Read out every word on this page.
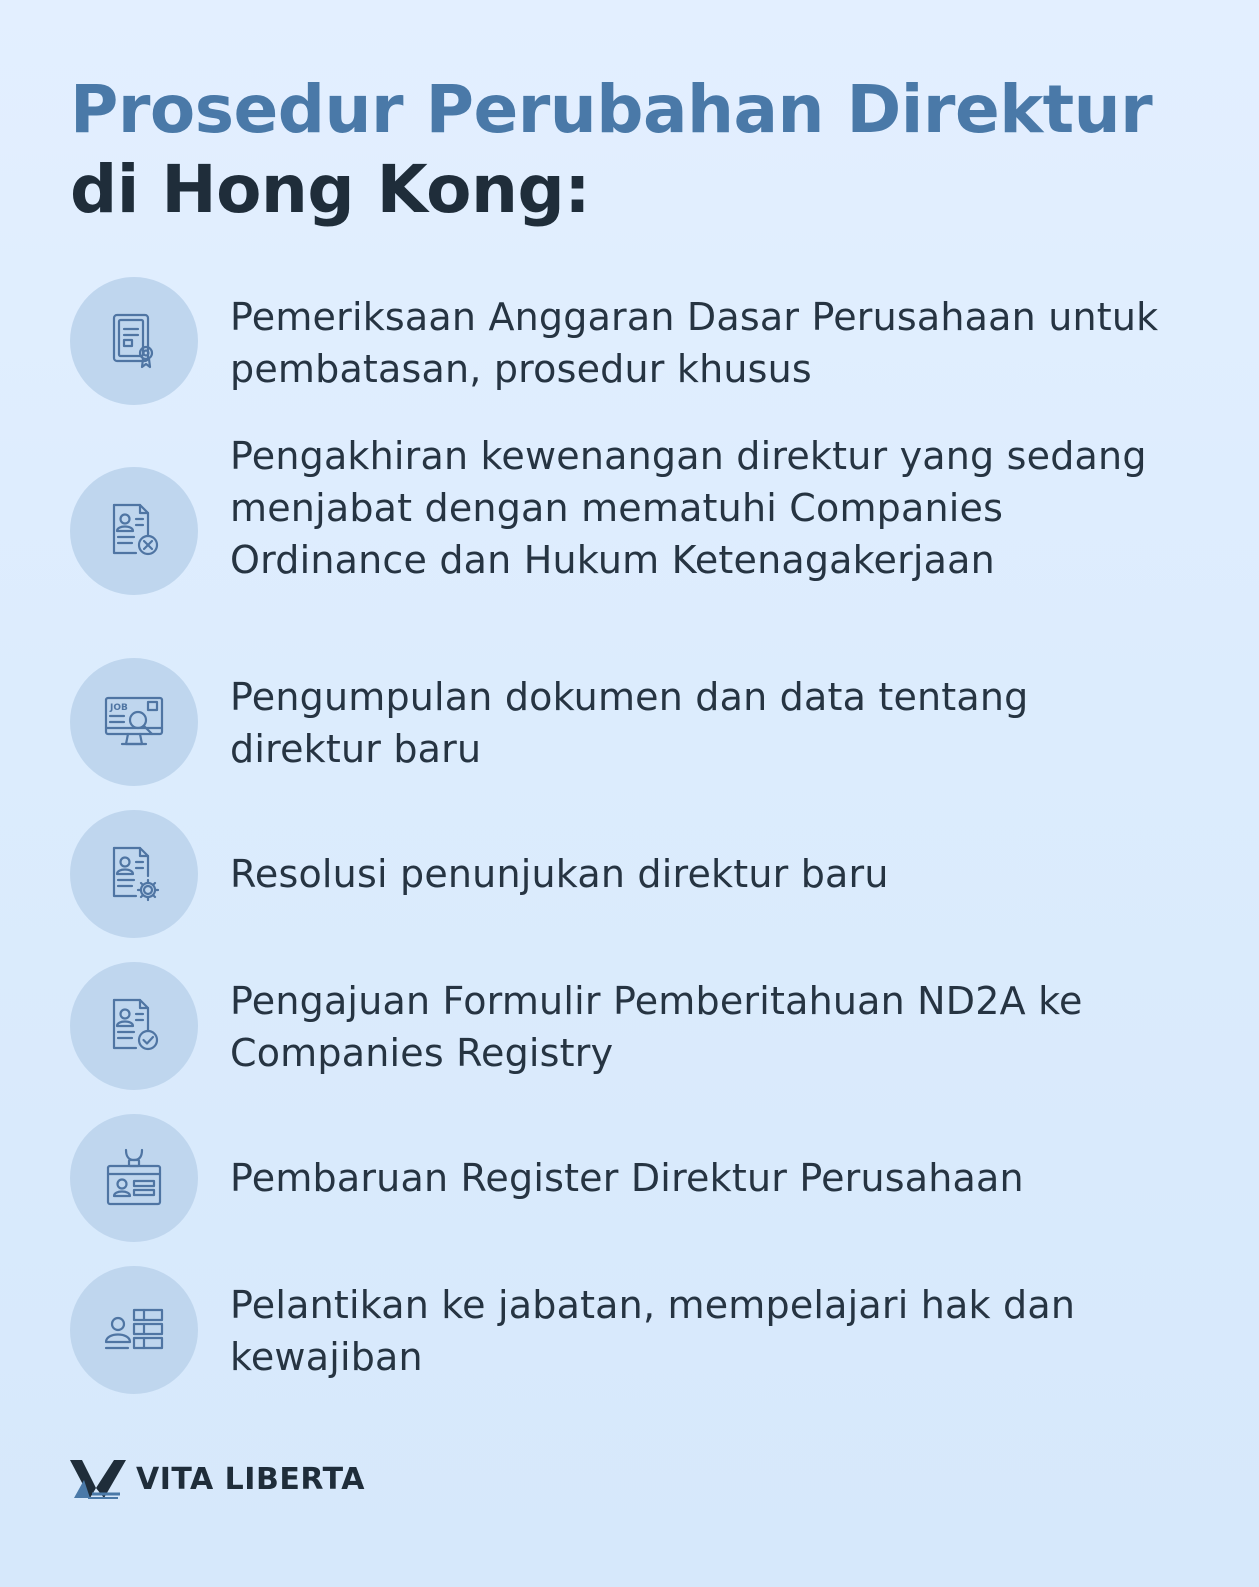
Prosedur Perubahan Direktur
di Hong Kong:
Pemeriksaan Anggaran Dasar Perusahaan untuk pembatasan, prosedur khusus
Pengakhiran kewenangan direktur yang sedang menjabat dengan mematuhi Companies Ordinance dan Hukum Ketenagakerjaan
JOB	Pengumpulan dokumen dan data tentang direktur baru
Resolusi penunjukan direktur baru
Pengajuan Formulir Pemberitahuan ND2A ke Companies Registry
Pembaruan Register Direktur Perusahaan
Pelantikan ke jabatan, mempelajari hak dan kewajiban
VITA LIBERTA
